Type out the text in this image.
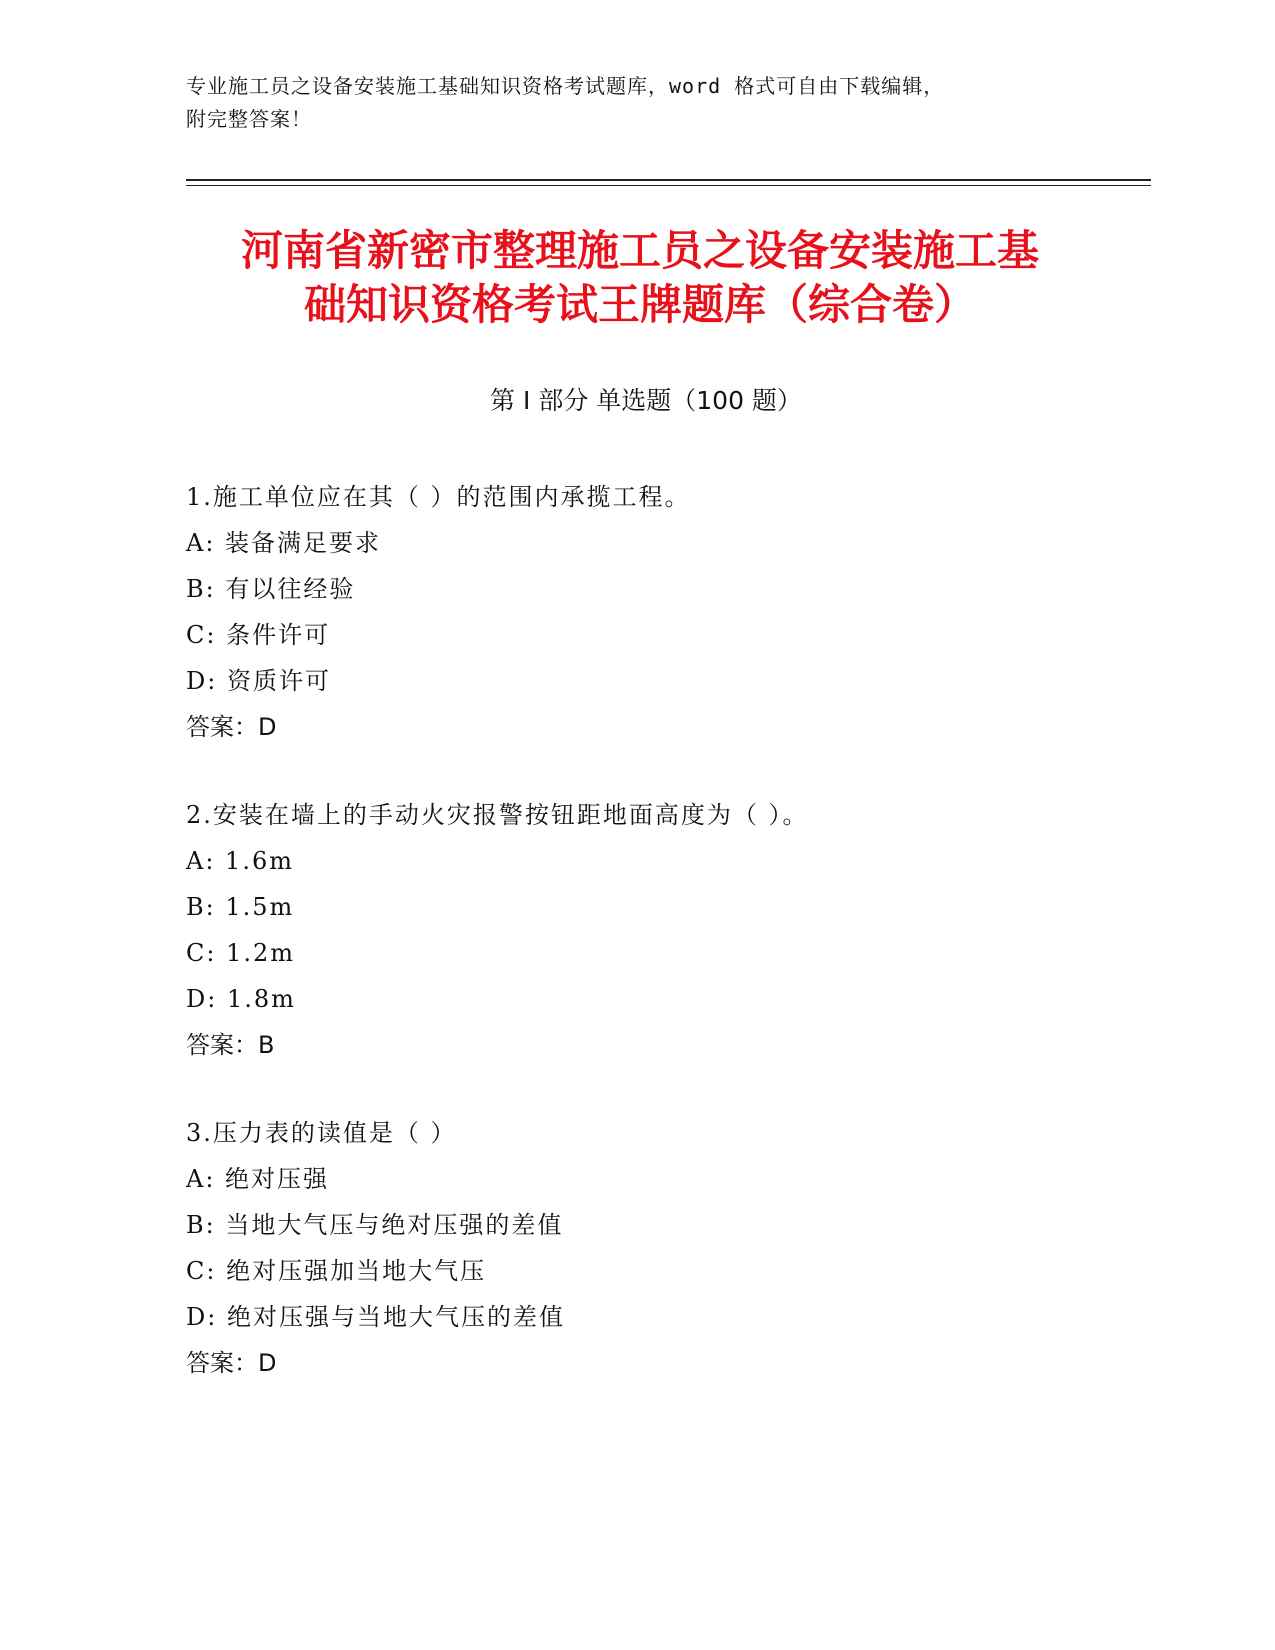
专业施工员之设备安装施工基础知识资格考试题库，word 格式可自由下载编辑，
附完整答案！
河南省新密市整理施工员之设备安装施工基
础知识资格考试王牌题库（综合卷）
第 I 部分 单选题（100 题）
1.施工单位应在其（ ）的范围内承揽工程。
A: 装备满足要求
B: 有以往经验
C: 条件许可
D: 资质许可
答案：D
2.安装在墙上的手动火灾报警按钮距地面高度为（ ）。
A: 1.6m
B: 1.5m
C: 1.2m
D: 1.8m
答案：B
3.压力表的读值是（ ）
A: 绝对压强
B: 当地大气压与绝对压强的差值
C: 绝对压强加当地大气压
D: 绝对压强与当地大气压的差值
答案：D
